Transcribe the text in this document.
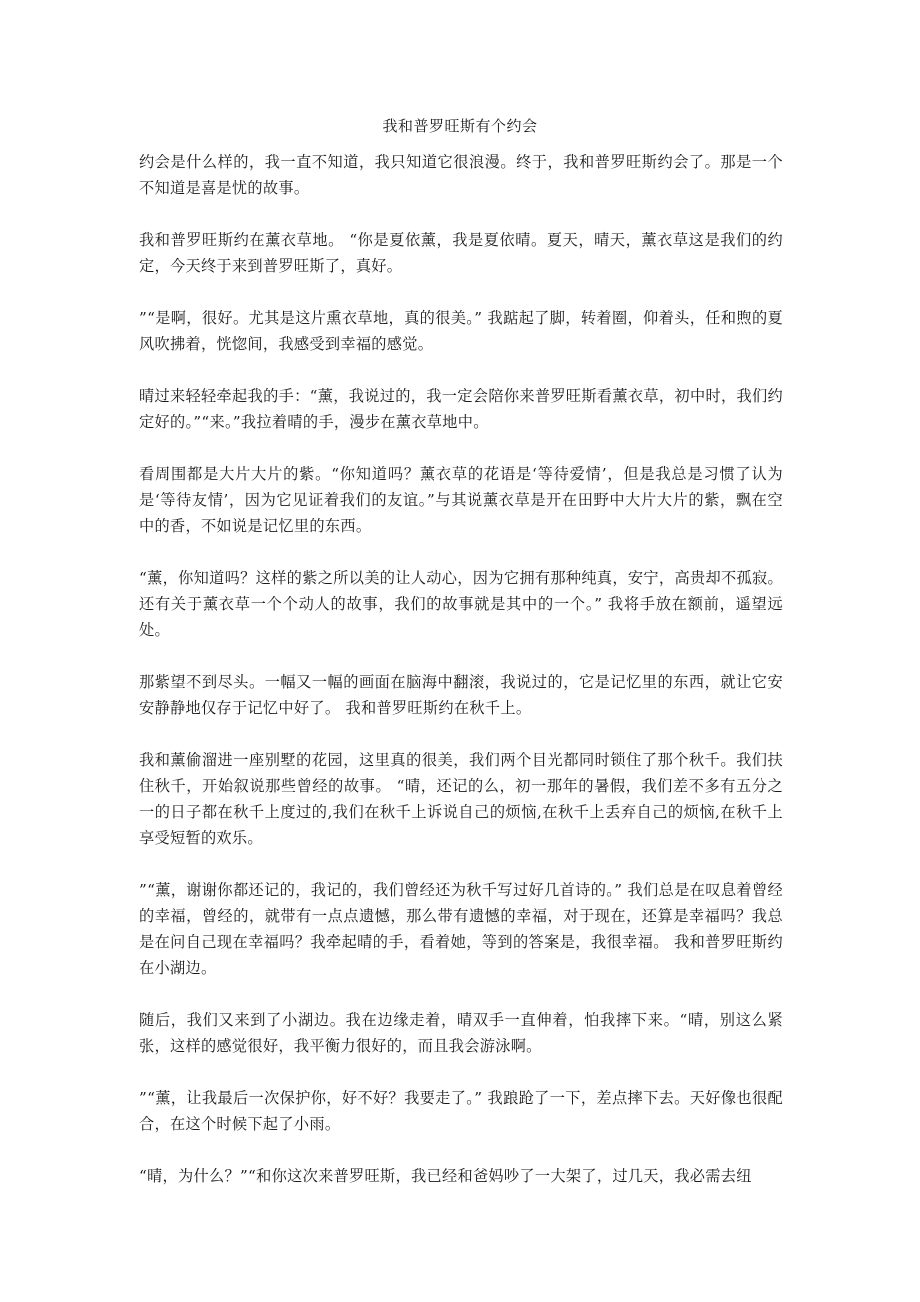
我和普罗旺斯有个约会

约会是什么样的，我一直不知道，我只知道它很浪漫。终于，我和普罗旺斯约会了。那是一个不知道是喜是忧的故事。

我和普罗旺斯约在薰衣草地。 “你是夏依薰，我是夏依晴。夏天，晴天，薰衣草这是我们的约定，今天终于来到普罗旺斯了，真好。

”“是啊，很好。尤其是这片熏衣草地，真的很美。” 我踮起了脚，转着圈，仰着头，任和煦的夏风吹拂着，恍惚间，我感受到幸福的感觉。

晴过来轻轻牵起我的手：“薰，我说过的，我一定会陪你来普罗旺斯看薰衣草，初中时，我们约定好的。”“来。”我拉着晴的手，漫步在薰衣草地中。

看周围都是大片大片的紫。“你知道吗？薰衣草的花语是‘等待爱情’，但是我总是习惯了认为是‘等待友情’，因为它见证着我们的友谊。”与其说薰衣草是开在田野中大片大片的紫，飘在空中的香，不如说是记忆里的东西。

“薰，你知道吗？这样的紫之所以美的让人动心，因为它拥有那种纯真，安宁，高贵却不孤寂。还有关于薰衣草一个个动人的故事，我们的故事就是其中的一个。” 我将手放在额前，遥望远处。

那紫望不到尽头。一幅又一幅的画面在脑海中翻滚，我说过的，它是记忆里的东西，就让它安安静静地仅存于记忆中好了。 我和普罗旺斯约在秋千上。

我和薰偷溜进一座别墅的花园，这里真的很美，我们两个目光都同时锁住了那个秋千。我们扶住秋千，开始叙说那些曾经的故事。 “晴，还记的么，初一那年的暑假，我们差不多有五分之一的日子都在秋千上度过的,我们在秋千上诉说自己的烦恼,在秋千上丢弃自己的烦恼,在秋千上享受短暂的欢乐。

”“薰，谢谢你都还记的，我记的，我们曾经还为秋千写过好几首诗的。” 我们总是在叹息着曾经的幸福，曾经的，就带有一点点遗憾，那么带有遗憾的幸福，对于现在，还算是幸福吗？我总是在问自己现在幸福吗？我牵起晴的手，看着她，等到的答案是，我很幸福。 我和普罗旺斯约在小湖边。

随后，我们又来到了小湖边。我在边缘走着，晴双手一直伸着，怕我摔下来。“晴，别这么紧张，这样的感觉很好，我平衡力很好的，而且我会游泳啊。

”“薰，让我最后一次保护你，好不好？我要走了。” 我踉跄了一下，差点摔下去。天好像也很配合，在这个时候下起了小雨。

“晴，为什么？”“和你这次来普罗旺斯，我已经和爸妈吵了一大架了，过几天，我必需去纽
